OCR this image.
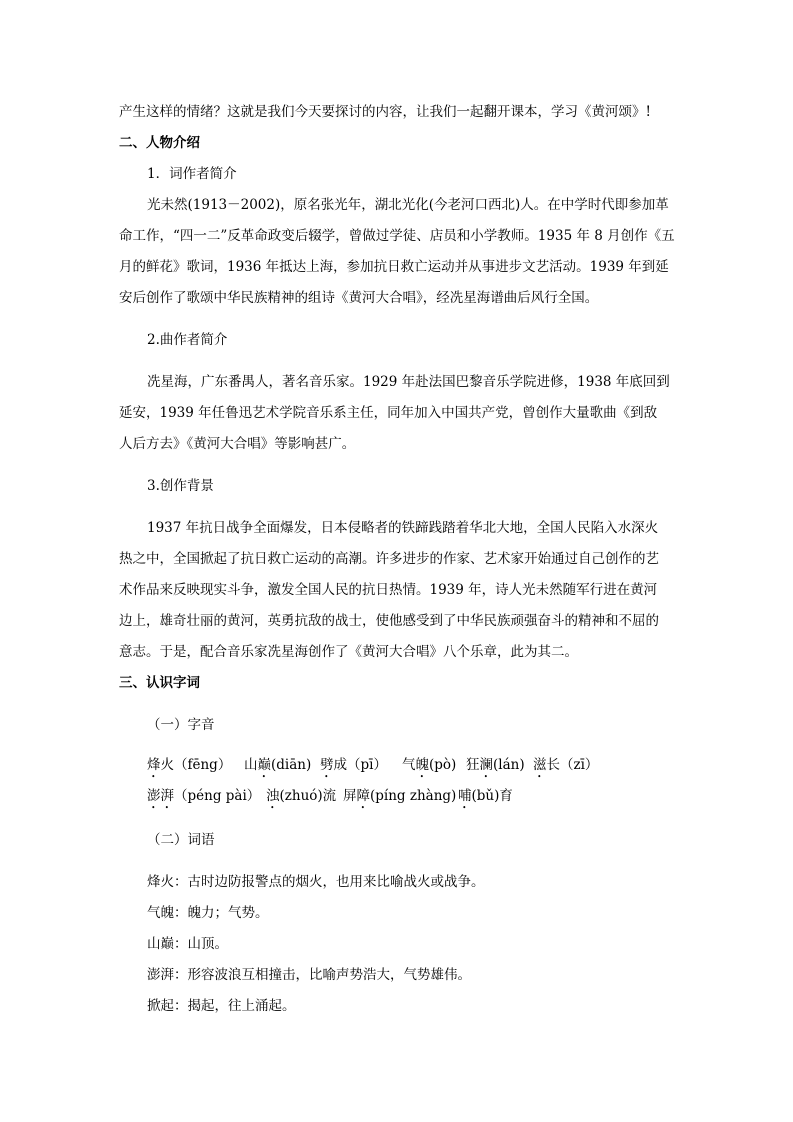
产生这样的情绪？这就是我们今天要探讨的内容，让我们一起翻开课本，学习《黄河颂》!
二、人物介绍
1．词作者简介
光未然(1913－2002)，原名张光年，湖北光化(今老河口西北)人。在中学时代即参加革
命工作，“四一二”反革命政变后辍学，曾做过学徒、店员和小学教师。1935 年 8 月创作《五
月的鲜花》歌词，1936 年抵达上海，参加抗日救亡运动并从事进步文艺活动。1939 年到延
安后创作了歌颂中华民族精神的组诗《黄河大合唱》，经冼星海谱曲后风行全国。
2.曲作者简介
冼星海，广东番禺人，著名音乐家。1929 年赴法国巴黎音乐学院进修，1938 年底回到
延安，1939 年任鲁迅艺术学院音乐系主任，同年加入中国共产党，曾创作大量歌曲《到敌
人后方去》《黄河大合唱》等影响甚广。
3.创作背景
1937 年抗日战争全面爆发，日本侵略者的铁蹄践踏着华北大地，全国人民陷入水深火
热之中，全国掀起了抗日救亡运动的高潮。许多进步的作家、艺术家开始通过自己创作的艺
术作品来反映现实斗争，激发全国人民的抗日热情。1939 年，诗人光未然随军行进在黄河
边上，雄奇壮丽的黄河，英勇抗敌的战士，使他感受到了中华民族顽强奋斗的精神和不屈的
意志。于是，配合音乐家冼星海创作了《黄河大合唱》八个乐章，此为其二。
三、认识字词
（一）字音
烽火（fēng） 山巅(diān) 劈成（pī） 气魄(pò) 狂澜(lán) 滋长（zī）
澎湃（péng pài） 浊(zhuó)流 屏障(píng zhàng) 哺(bǔ)育
（二）词语
烽火：古时边防报警点的烟火，也用来比喻战火或战争。
气魄：魄力；气势。
山巅：山顶。
澎湃：形容波浪互相撞击，比喻声势浩大，气势雄伟。
掀起：揭起，往上涌起。
